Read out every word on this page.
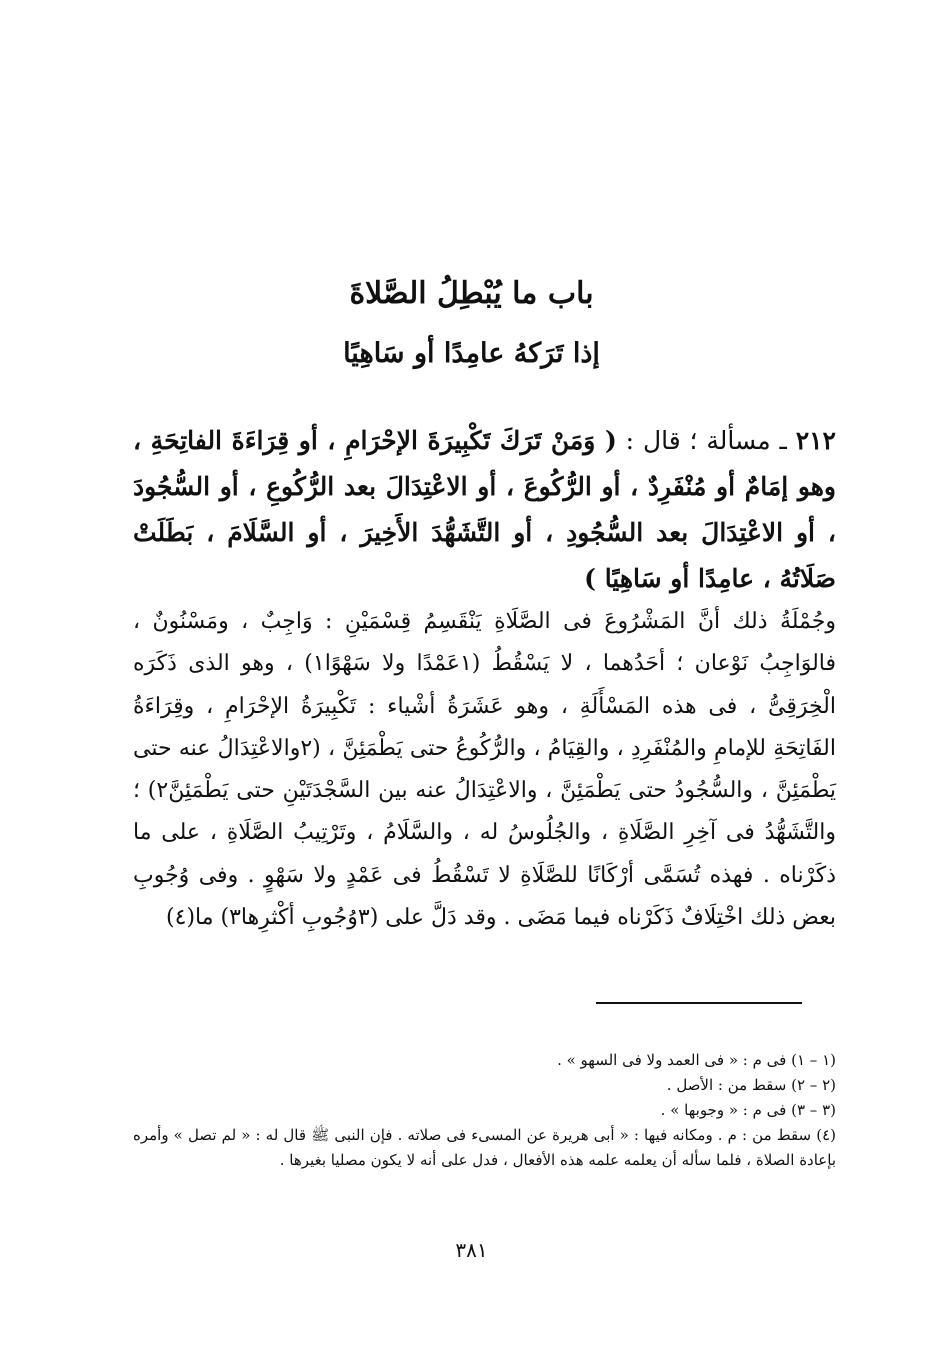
باب ما يُبْطِلُ الصَّلاةَ
إذا تَرَكهُ عامِدًا أو سَاهِيًا
٢١٢ ـ مسألة ؛ قال : ( وَمَنْ تَرَكَ تَكْبِيرَةَ الإحْرَامِ ، أو قِرَاءَةَ الفاتِحَةِ ، وهو إمَامٌ أو مُنْفَرِدٌ ، أو الرُّكُوعَ ، أو الاعْتِدَالَ بعد الرُّكُوعِ ، أو السُّجُودَ ، أو الاعْتِدَالَ بعد السُّجُودِ ، أو التَّشَهُّدَ الأَخِيرَ ، أو السَّلَامَ ، بَطَلَتْ صَلَاتُهُ ، عامِدًا أو سَاهِيًا )
وجُمْلَةُ ذلك أنَّ المَشْرُوعَ فى الصَّلَاةِ يَنْقَسِمُ قِسْمَيْنِ : وَاجِبٌ ، ومَسْنُونٌ ، فالوَاجِبُ نَوْعان ؛ أحَدُهما ، لا يَسْقُطُ (١عَمْدًا ولا سَهْوًا١) ، وهو الذى ذَكَرَه الْخِرَقِىُّ ، فى هذه المَسْأَلَةِ ، وهو عَشَرَةُ أشْياء : تَكْبِيرَةُ الإحْرَامِ ، وقِرَاءَةُ الفَاتِحَةِ للإمامِ والمُنْفَرِدِ ، والقِيَامُ ، والرُّكُوعُ حتى يَطْمَئِنَّ ، (٢والاعْتِدَالُ عنه حتى يَطْمَئِنَّ ، والسُّجُودُ حتى يَطْمَئِنَّ ، والاعْتِدَالُ عنه بين السَّجْدَتَيْنِ حتى يَطْمَئِنَّ٢) ؛ والتَّشَهُّدُ فى آخِرِ الصَّلَاةِ ، والجُلُوسُ له ، والسَّلَامُ ، وتَرْتِيبُ الصَّلَاةِ ، على ما ذكَرْناه . فهذه تُسَمَّى أرْكَانًا للصَّلَاةِ لا تَسْقُطُ فى عَمْدٍ ولا سَهْوٍ . وفى وُجُوبِ بعض ذلك اخْتِلَافٌ ذَكَرْناه فيما مَضَى . وقد دَلَّ على (٣وُجُوبِ أكْثرِها٣) ما(٤)
(١ – ١) فى م : « فى العمد ولا فى السهو » .
(٢ – ٢) سقط من : الأصل .
(٣ – ٣) فى م : « وجوبها » .
(٤) سقط من : م . ومكانه فيها : « أبى هريرة عن المسىء فى صلاته . فإن النبى ﷺ قال له : « لم تصل » وأمره بإعادة الصلاة ، فلما سأله أن يعلمه علمه هذه الأفعال ، فدل على أنه لا يكون مصليا بغيرها .
٣٨١
